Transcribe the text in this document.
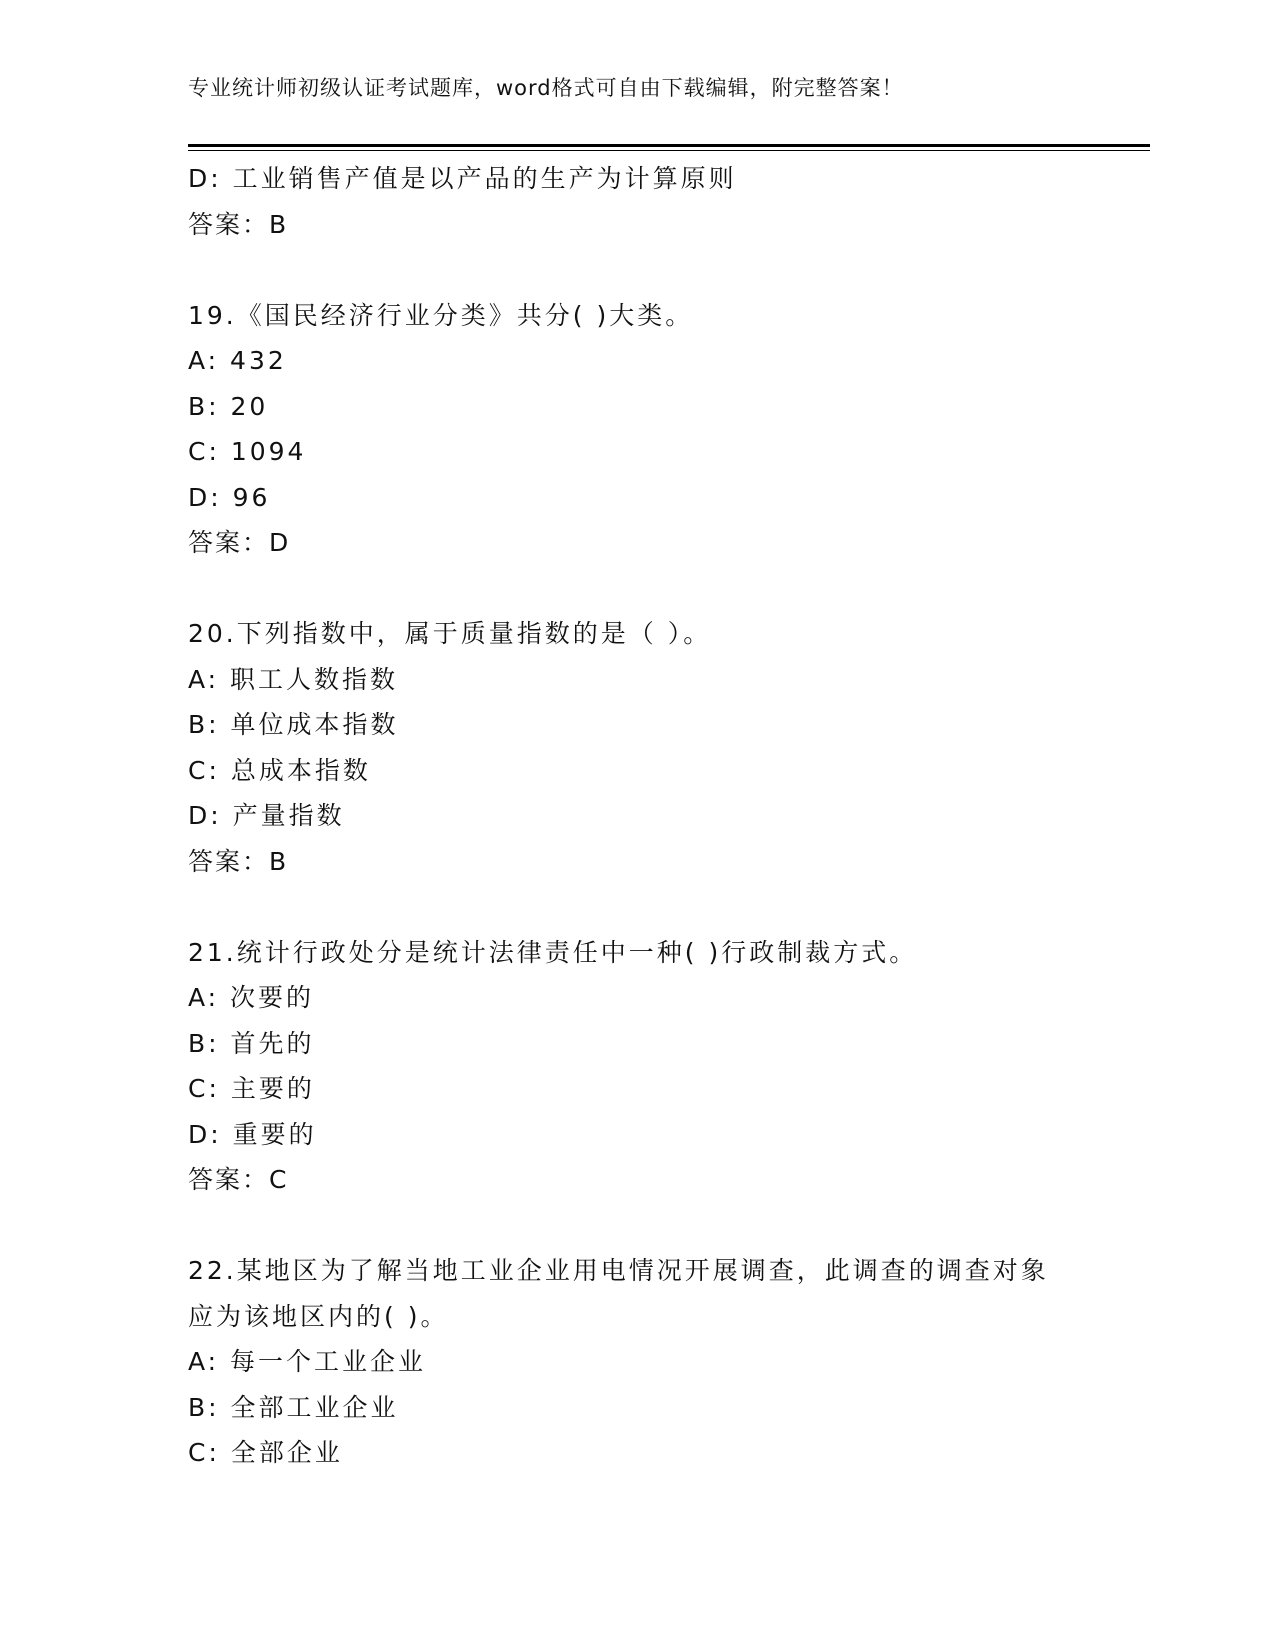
专业统计师初级认证考试题库，word格式可自由下载编辑，附完整答案！
D: 工业销售产值是以产品的生产为计算原则
答案：B
19.《国民经济行业分类》共分( )大类。
A: 432
B: 20
C: 1094
D: 96
答案：D
20.下列指数中，属于质量指数的是（ ）。
A: 职工人数指数
B: 单位成本指数
C: 总成本指数
D: 产量指数
答案：B
21.统计行政处分是统计法律责任中一种( )行政制裁方式。
A: 次要的
B: 首先的
C: 主要的
D: 重要的
答案：C
22.某地区为了解当地工业企业用电情况开展调查，此调查的调查对象
应为该地区内的( )。
A: 每一个工业企业
B: 全部工业企业
C: 全部企业
